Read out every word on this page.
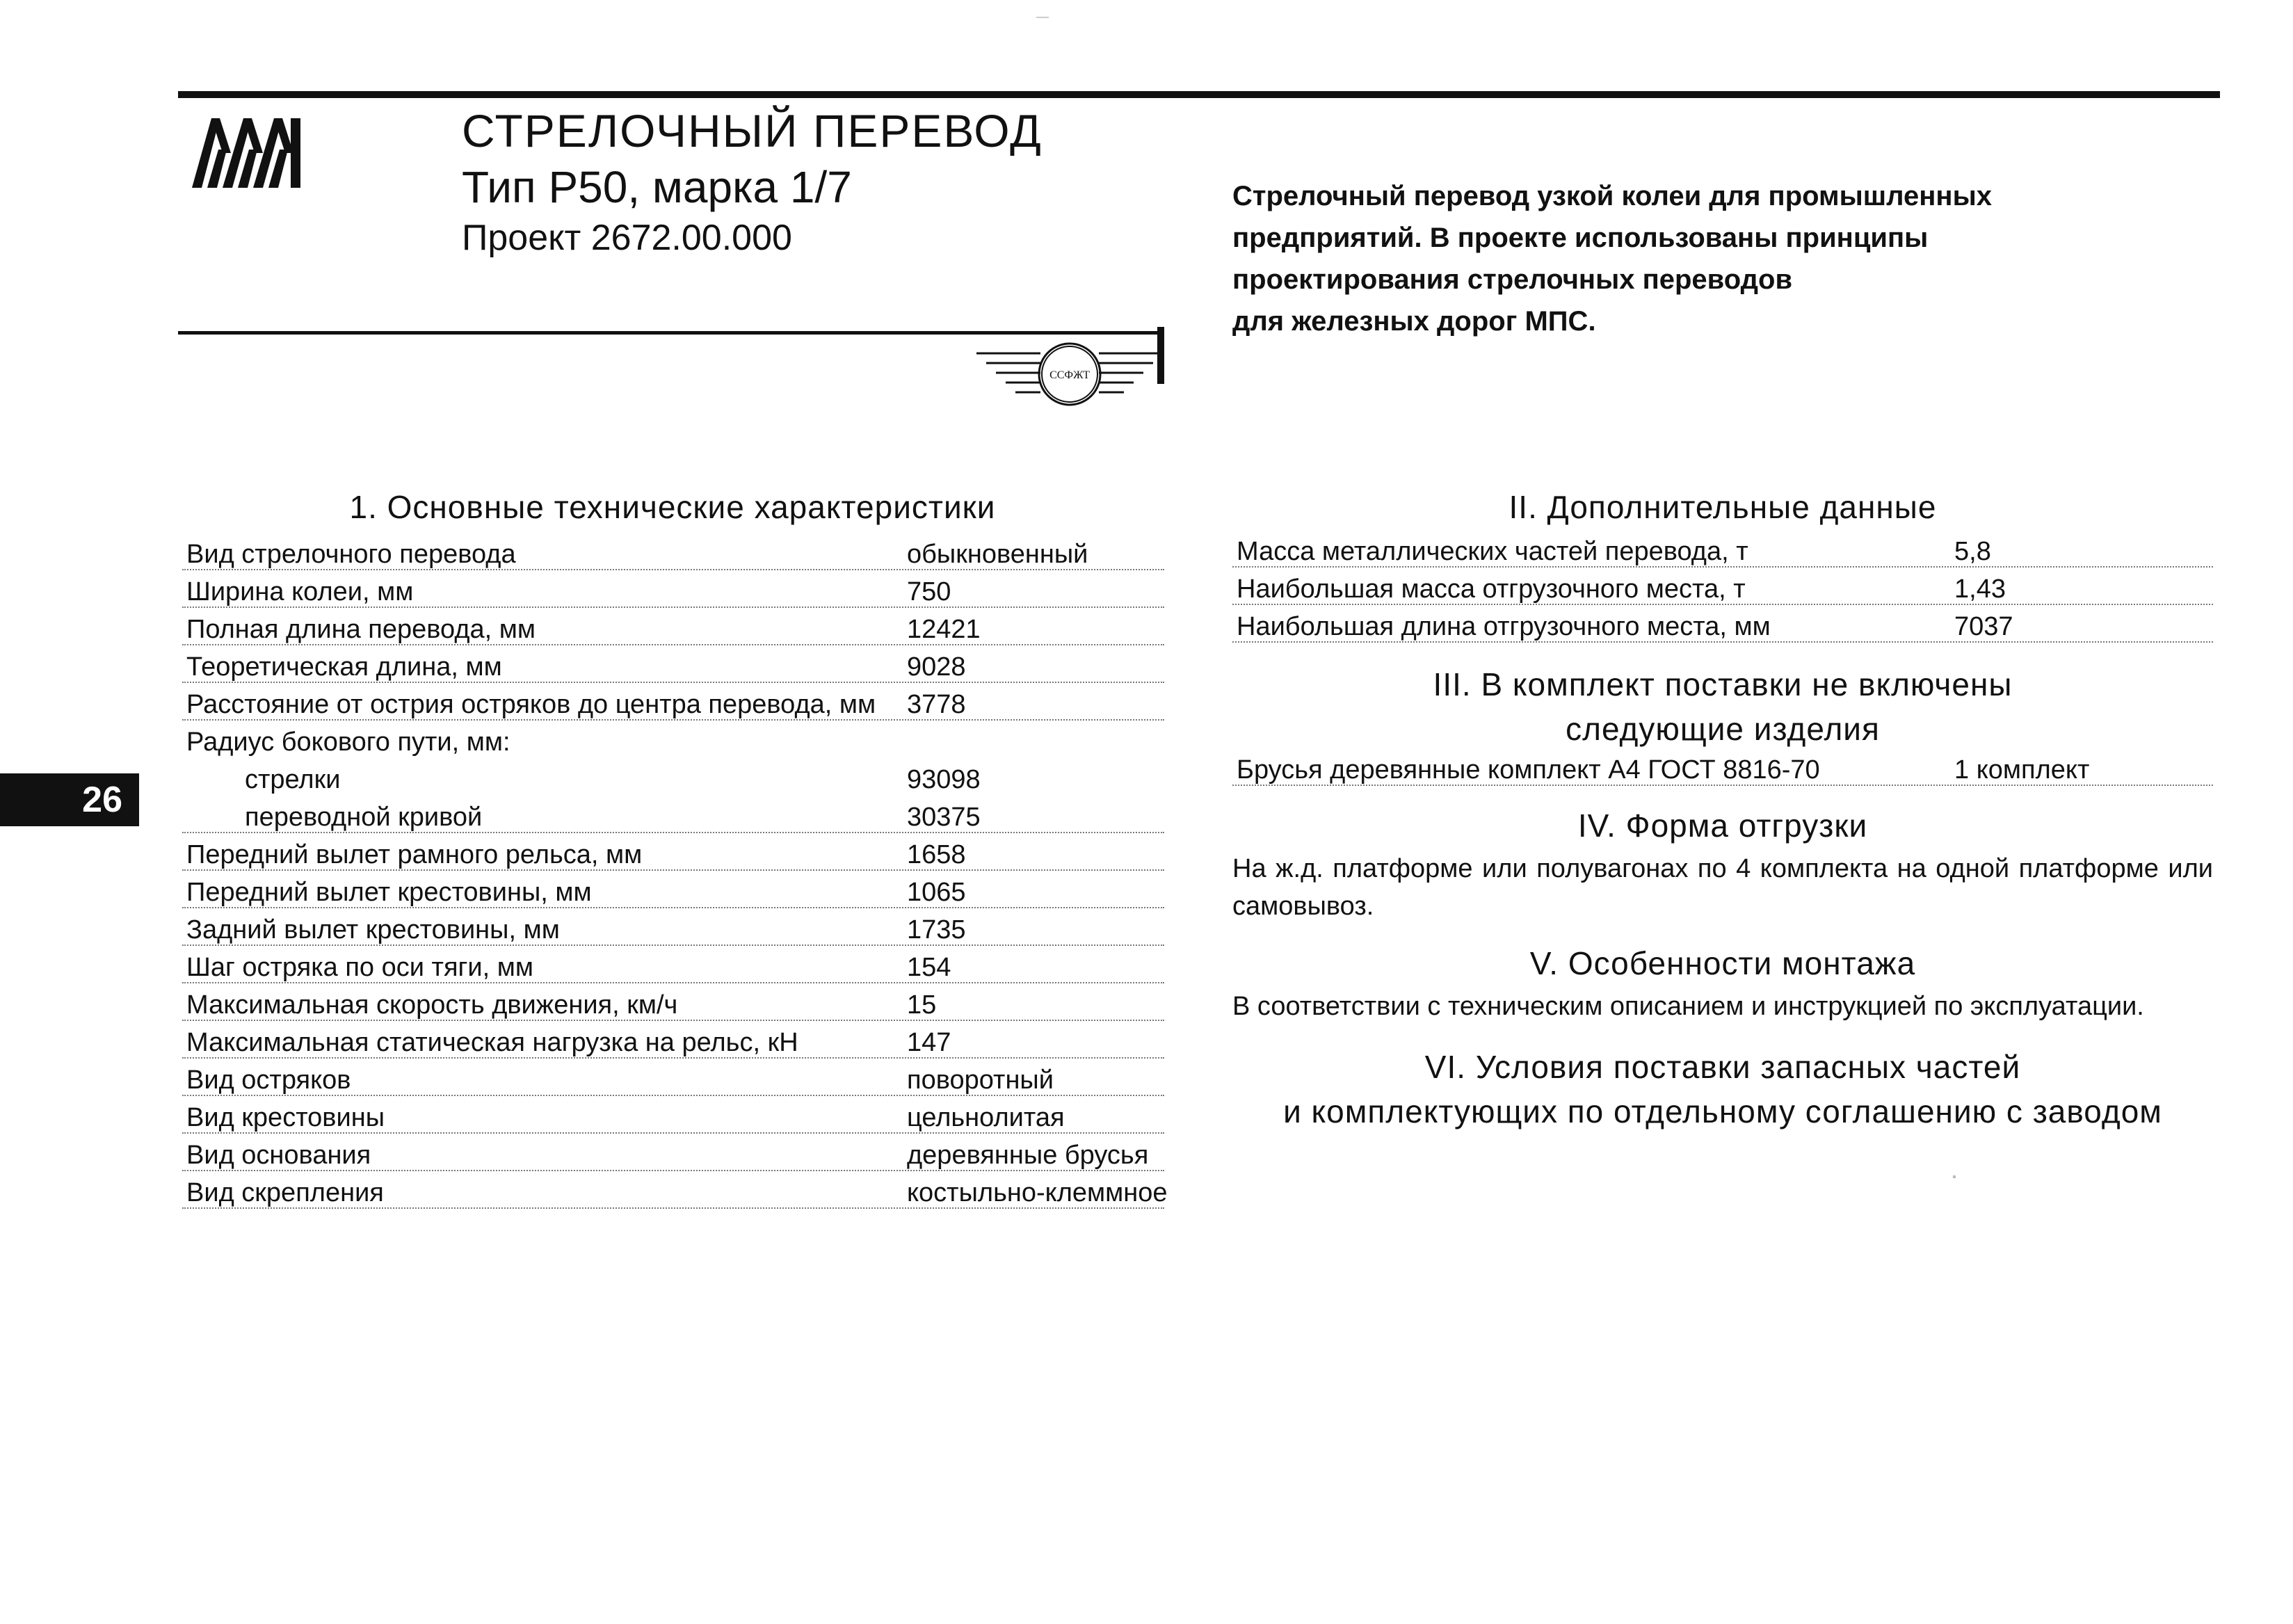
ССФЖТ
СТРЕЛОЧНЫЙ ПЕРЕВОД
Тип Р50, марка 1/7
Проект 2672.00.000
Стрелочный перевод узкой колеи для промышленных
предприятий. В проекте использованы принципы
проектирования стрелочных переводов
для железных дорог МПС.
26
1. Основные технические характеристики
Вид стрелочного перевода	обыкновенный
Ширина колеи, мм	750
Полная длина перевода, мм	12421
Теоретическая длина, мм	9028
Расстояние от острия остряков до центра перевода, мм 3778
Радиус бокового пути, мм:
стрелки	93098
переводной кривой	30375
Передний вылет рамного рельса, мм	1658
Передний вылет крестовины, мм	1065
Задний вылет крестовины, мм	1735
Шаг остряка по оси тяги, мм	154
Максимальная скорость движения, км/ч	15
Максимальная статическая нагрузка на рельс, кН	147
Вид остряков	поворотный
Вид крестовины	цельнолитая
Вид основания	деревянные брусья
Вид скрепления	костыльно-клеммное
II. Дополнительные данные
Масса металлических частей перевода, т	5,8
Наибольшая масса отгрузочного места, т	1,43
Наибольшая длина отгрузочного места, мм	7037
III. В комплект поставки не включены
следующие изделия
Брусья деревянные комплект А4 ГОСТ 8816-70	1 комплект
IV. Форма отгрузки
На ж.д. платформе или полувагонах по 4 комплекта на одной платформе или самовывоз.
V. Особенности монтажа
В соответствии с техническим описанием и инструкцией по эксплуатации.
VI. Условия поставки запасных частей
и комплектующих по отдельному соглашению с заводом
